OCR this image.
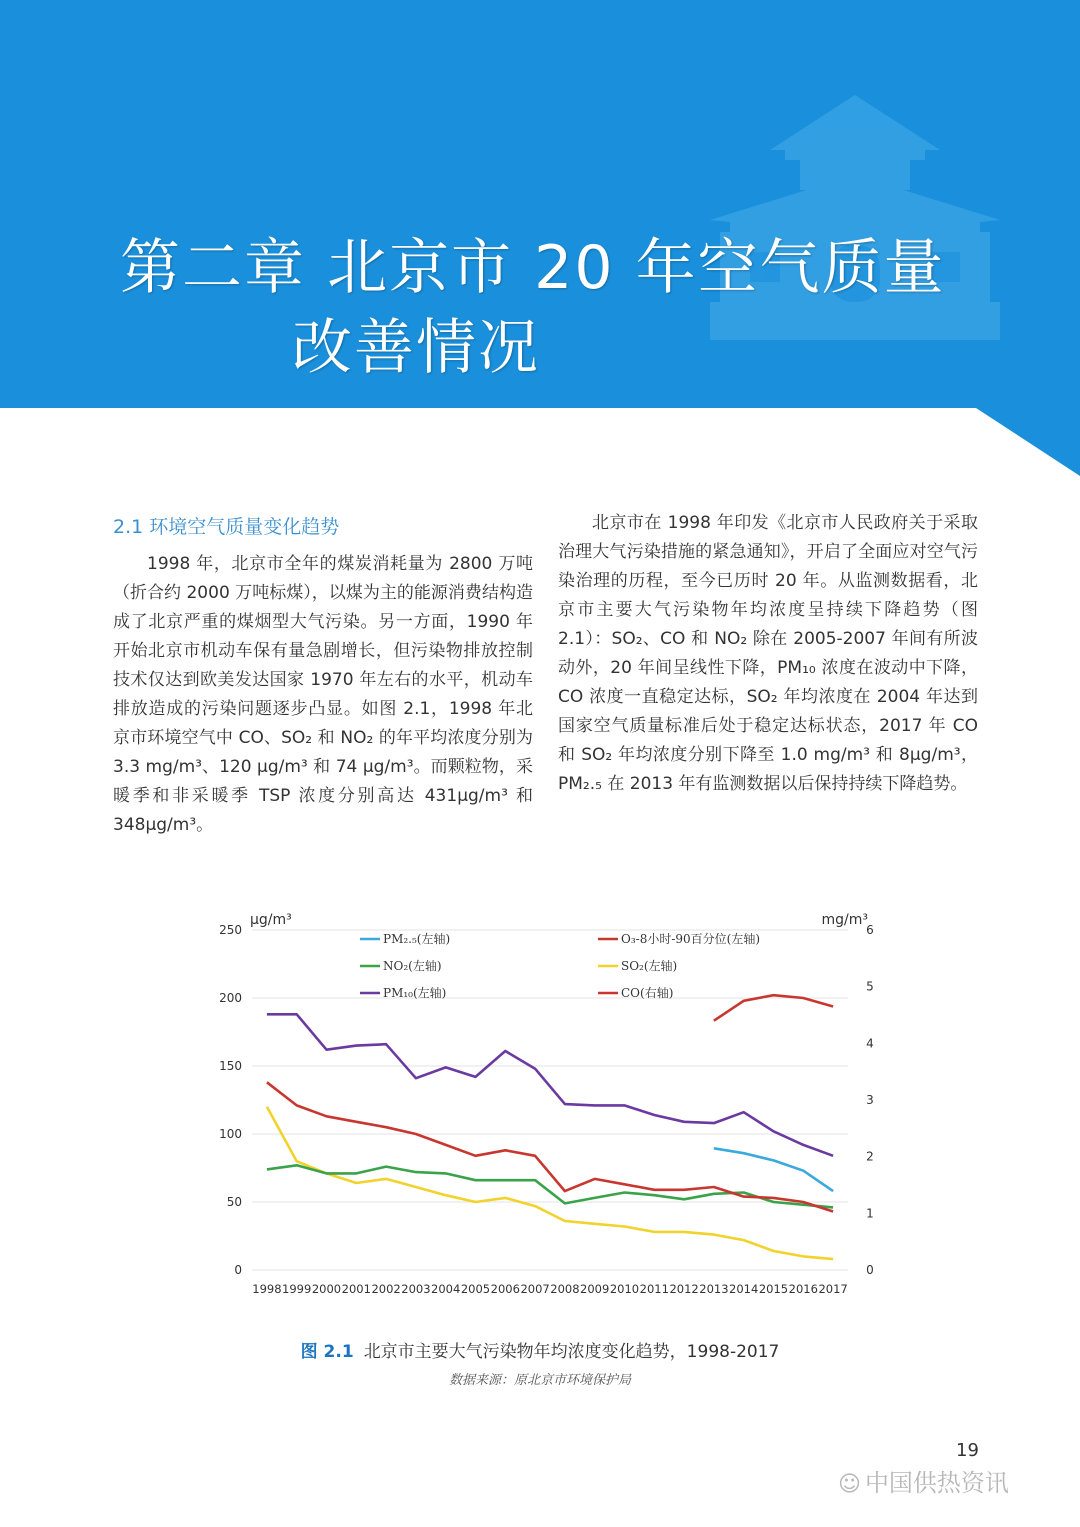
第二章 北京市 20 年空气质量
改善情况
2.1 环境空气质量变化趋势

1998 年，北京市全年的煤炭消耗量为 2800 万吨（折合约 2000 万吨标煤），以煤为主的能源消费结构造成了北京严重的煤烟型大气污染。另一方面，1990 年开始北京市机动车保有量急剧增长，但污染物排放控制技术仅达到欧美发达国家 1970 年左右的水平，机动车排放造成的污染问题逐步凸显。如图 2.1，1998 年北京市环境空气中 CO、SO₂ 和 NO₂ 的年平均浓度分别为 3.3 mg/m³、120 μg/m³ 和 74 μg/m³。而颗粒物，采暖季和非采暖季 TSP 浓度分别高达 431μg/m³ 和 348μg/m³。

北京市在 1998 年印发《北京市人民政府关于采取治理大气污染措施的紧急通知》，开启了全面应对空气污染治理的历程，至今已历时 20 年。从监测数据看，北京市主要大气污染物年均浓度呈持续下降趋势（图 2.1）：SO₂、CO 和 NO₂ 除在 2005-2007 年间有所波动外，20 年间呈线性下降，PM₁₀ 浓度在波动中下降，CO 浓度一直稳定达标，SO₂ 年均浓度在 2004 年达到国家空气质量标准后处于稳定达标状态，2017 年 CO 和 SO₂ 年均浓度分别下降至 1.0 mg/m³ 和 8μg/m³，PM₂.₅ 在 2013 年有监测数据以后保持持续下降趋势。

0
50
100
150
200
250
0
1
2
3
4
5
6
μg/m³	mg/m³
1998 1999 2000 2001 2002 2003 2004 2005 2006 2007 2008 2009 2010 2011 2012 2013 2014 2015 2016 2017
PM₂.₅(左轴)
PM₁₀(左轴)
SO₂(左轴)
NO₂(左轴)
O₃-8小时-90百分位(左轴)
CO(右轴)
图 2.1 北京市主要大气污染物年均浓度变化趋势，1998-2017
数据来源：原北京市环境保护局
19
☺ 中国供热资讯
